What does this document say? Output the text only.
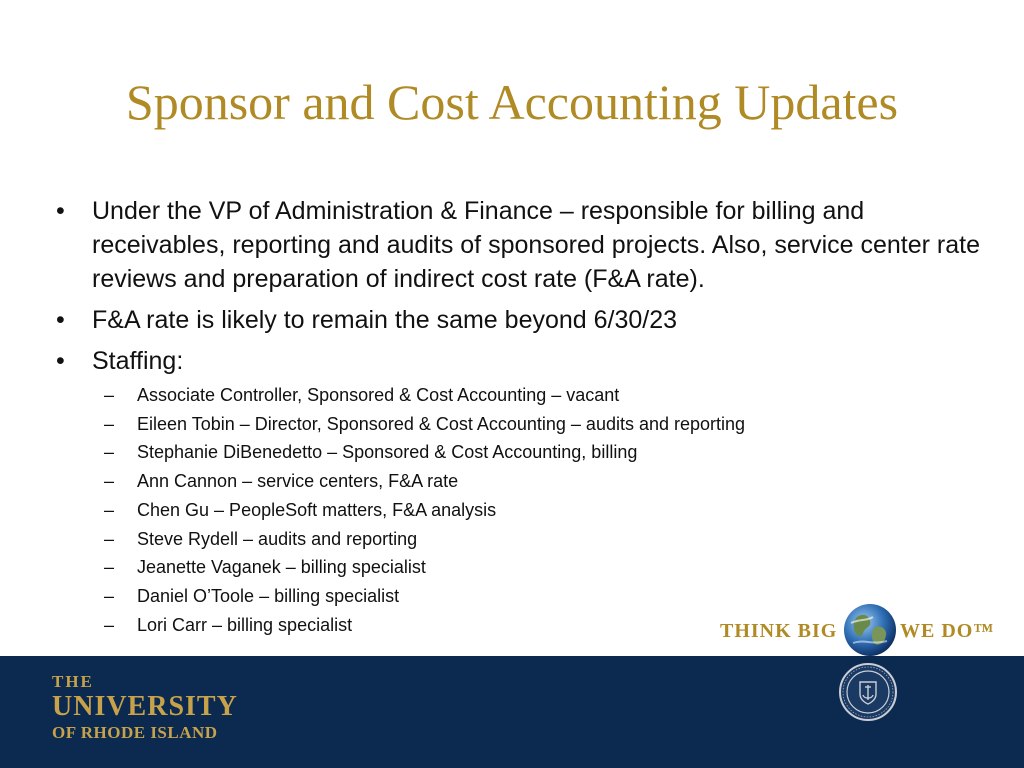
Sponsor and Cost Accounting Updates
• Under the VP of Administration & Finance – responsible for billing and receivables, reporting and audits of sponsored projects. Also, service center rate reviews and preparation of indirect cost rate (F&A rate).
• F&A rate is likely to remain the same beyond 6/30/23
• Staffing:
– Associate Controller, Sponsored & Cost Accounting – vacant
– Eileen Tobin – Director, Sponsored & Cost Accounting – audits and reporting
– Stephanie DiBenedetto – Sponsored & Cost Accounting, billing
– Ann Cannon – service centers, F&A rate
– Chen Gu – PeopleSoft matters, F&A analysis
– Steve Rydell – audits and reporting
– Jeanette Vaganek – billing specialist
– Daniel O’Toole – billing specialist
– Lori Carr – billing specialist	THINK BIG	WE DO™
THE
UNIVERSITY
OF RHODE ISLAND
